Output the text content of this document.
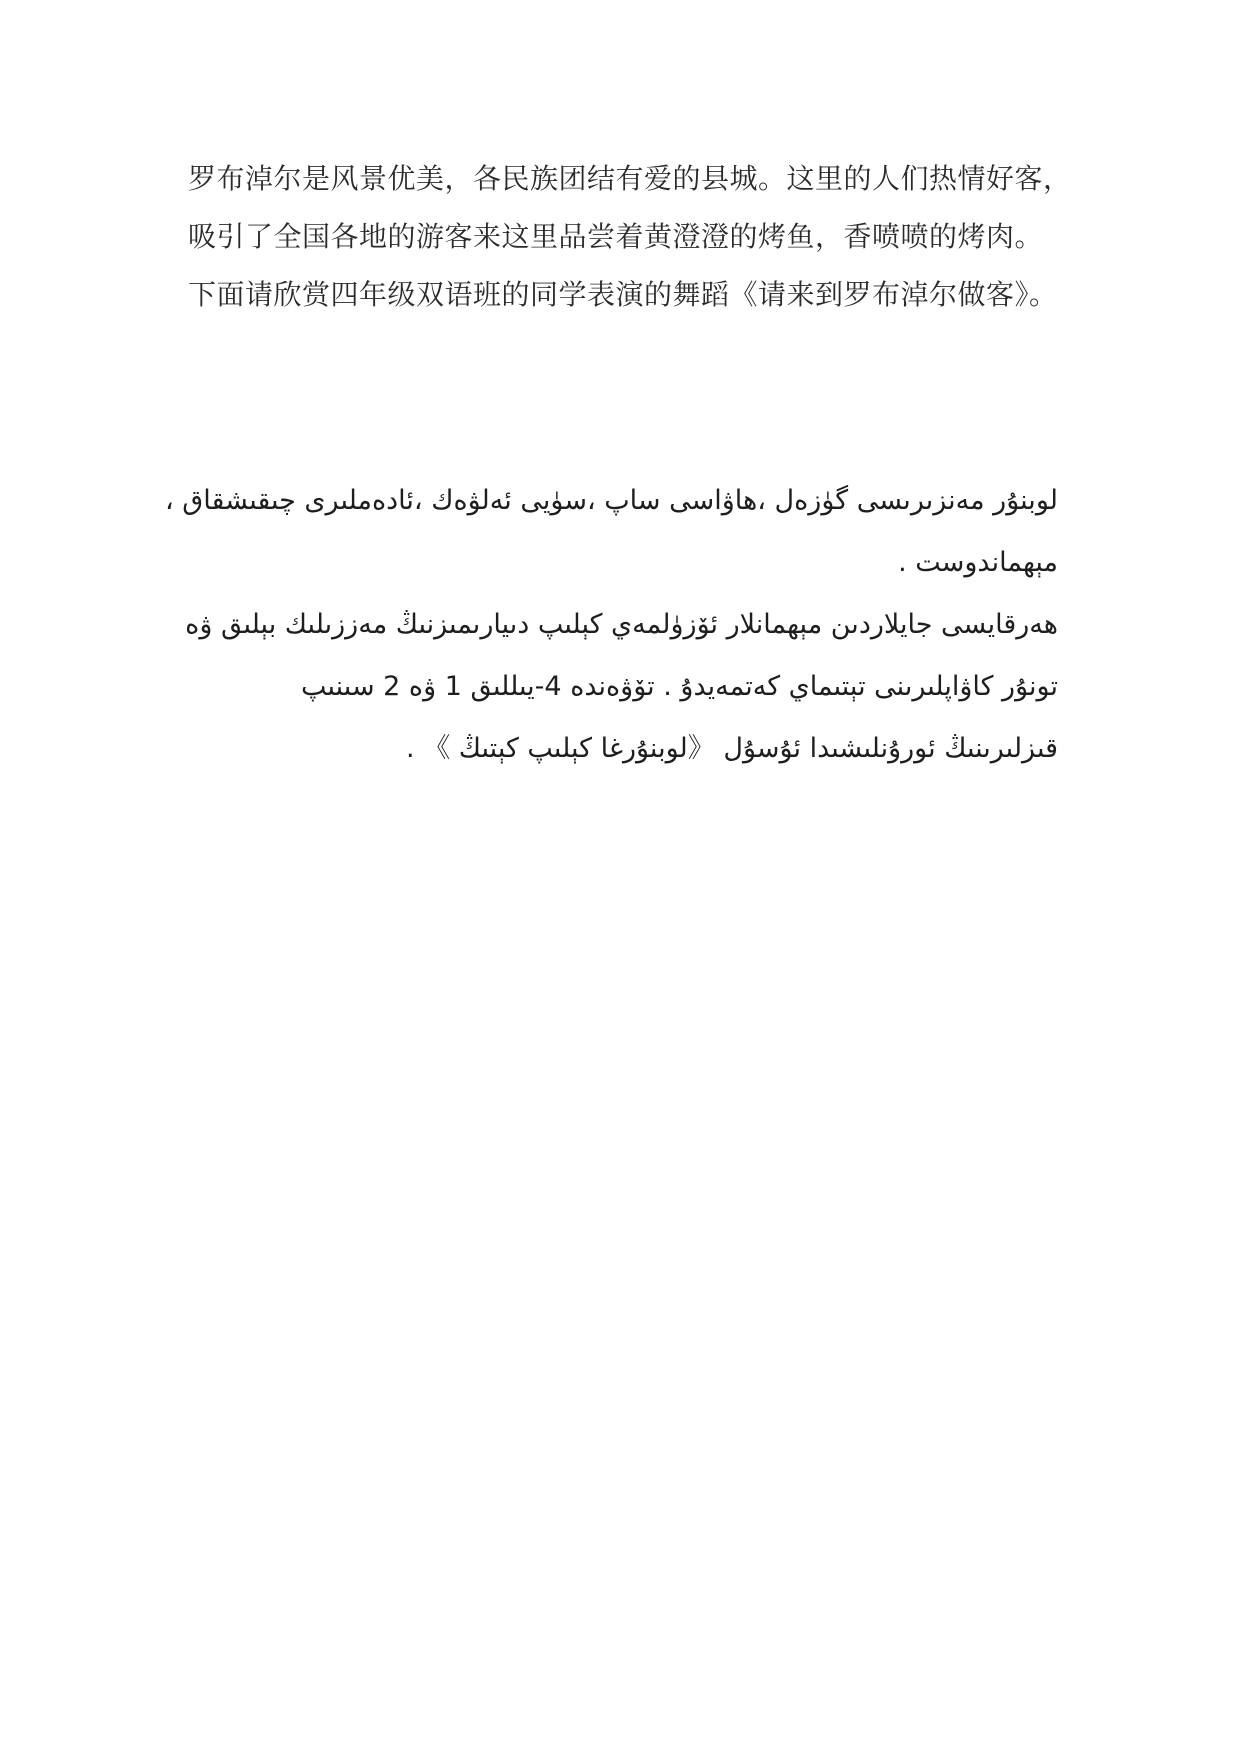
罗布淖尔是风景优美，各民族团结有爱的县城。这里的人们热情好客，
吸引了全国各地的游客来这里品尝着黄澄澄的烤鱼，香喷喷的烤肉。
下面请欣赏四年级双语班的同学表演的舞蹈《请来到罗布淖尔做客》。
لوبنۇر مەنزىرىسى گۈزەل ،ھاۋاسى ساپ ،سۈيى ئەلۋەك ،ئادەملىرى چىقىشقاق ،
مېھماندوست .
ھەرقايسى جايلاردىن مېھمانلار ئۆزۈلمەي كېلىپ دىيارىمىزنىڭ مەززىلىك بېلىق ۋە
تونۇر كاۋاپلىرىنى تېتىماي كەتمەيدۇ . تۆۋەندە 4-يىللىق 1 ۋە 2 سىنىپ
قىزلىرىنىڭ ئورۇنلىشىدا ئۇسۇل 《لوبنۇرغا كېلىپ كېتىڭ 》 .
